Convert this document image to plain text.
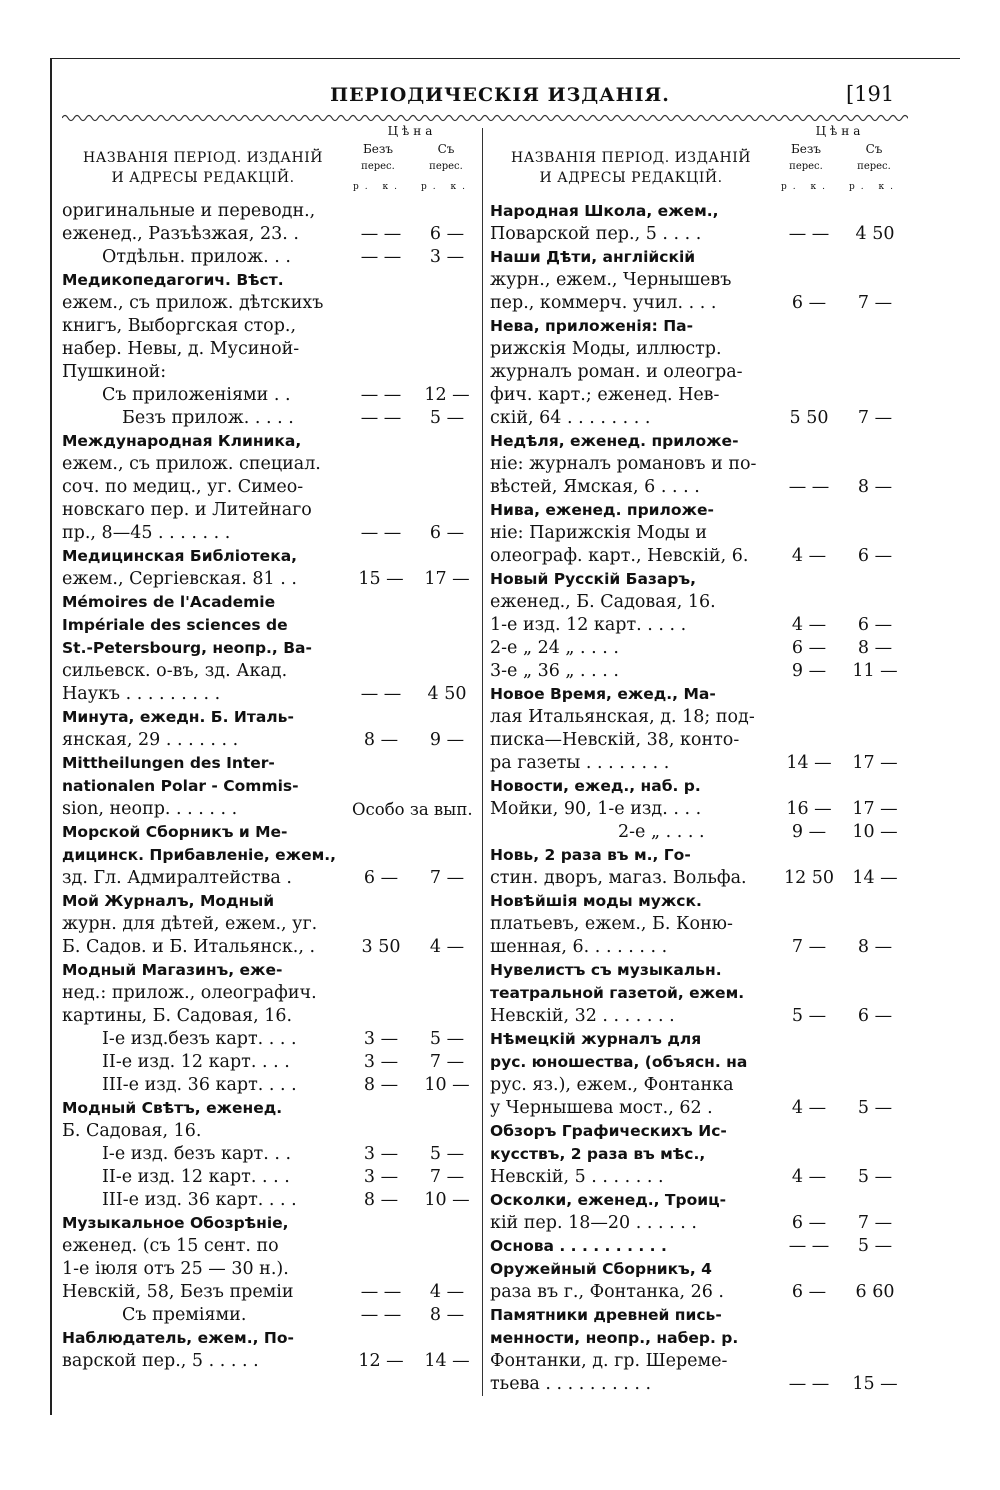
ПЕРІОДИЧЕСКІЯ ИЗДАНІЯ.	[191
НАЗВАНІЯ ПЕРІОД. ИЗДАНІЙ
И АДРЕСЫ РЕДАКЦІЙ.
Цѣна
Безъ	Съ
перес.	перес.
р. к.	р. к.
оригинальные и переводн.,
еженед., Разъѣзжая, 23. .	— —	6 —
Отдѣльн. прилож. . .	— —	3 —
Медикопедагогич. Вѣст.
ежем., съ прилож. дѣтскихъ
книгъ, Выборгская стор.,
набер. Невы, д. Мусиной-
Пушкиной:
Съ приложеніями . .	— —	12 —
Безъ прилож. . . . .	— —	5 —
Международная Клиника,
ежем., съ прилож. специал.
соч. по медиц., уг. Симео-
новскаго пер. и Литейнаго
пр., 8—45 . . . . . . .	— —	6 —
Медицинская Библіотека,
ежем., Сергіевская. 81 . .	15 —	17 —
Mémoires de l'Academie
Impériale des sciences de
St.-Petersbourg, неопр., Ва-
сильевск. о-въ, зд. Акад.
Наукъ . . . . . . . . .	— —	4 50
Минута, ежедн. Б. Италь-
янская, 29 . . . . . . .	8 —	9 —
Mittheilungen des Inter-
nationalen Polar - Commis-
sion, неопр. . . . . . .	Особо за вып.
Морской Сборникъ и Ме-
дицинск. Прибавленіе, ежем.,
зд. Гл. Адмиралтейства .	6 —	7 —
Мой Журналъ, Модный
журн. для дѣтей, ежем., уг.
Б. Садов. и Б. Итальянск., .	3 50	4 —
Модный Магазинъ, еже-
нед.: прилож., олеографич.
картины, Б. Садовая, 16.
I-е изд.безъ карт. . . .	3 —	5 —
II-е изд. 12 карт. . . .	3 —	7 —
III-е изд. 36 карт. . . .	8 —	10 —
Модный Свѣтъ, еженед.
Б. Садовая, 16.
I-е изд. безъ карт. . .	3 —	5 —
II-е изд. 12 карт. . . .	3 —	7 —
III-е изд. 36 карт. . . .	8 —	10 —
Музыкальное Обозрѣніе,
еженед. (съ 15 сент. по
1-е іюля отъ 25 — 30 н.).
Невскій, 58, Безъ преміи	— —	4 —
Съ преміями.	— —	8 —
Наблюдатель, ежем., По-
варской пер., 5 . . . . .	12 —	14 —
НАЗВАНІЯ ПЕРІОД. ИЗДАНІЙ
И АДРЕСЫ РЕДАКЦІЙ.
Цѣна
Безъ	Съ
перес.	перес.
р. к.	р. к.
Народная Школа, ежем.,
Поварской пер., 5 . . . .	— —	4 50
Наши Дѣти, англійскій
журн., ежем., Чернышевъ
пер., коммерч. учил. . . .	6 —	7 —
Нева, приложенія: Па-
рижскія Моды, иллюстр.
журналъ роман. и олеогра-
фич. карт.; еженед. Нев-
скій, 64 . . . . . . . .	5 50	7 —
Недѣля, еженед. приложе-
ніе: журналъ романовъ и по-
вѣстей, Ямская, 6 . . . .	— —	8 —
Нива, еженед. приложе-
ніе: Парижскія Моды и
олеограф. карт., Невскій, 6.	4 —	6 —
Новый Русскій Базаръ,
еженед., Б. Садовая, 16.
1-е изд. 12 карт. . . . .	4 —	6 —
2-е „ 24 „ . . . .	6 —	8 —
3-е „ 36 „ . . . .	9 —	11 —
Новое Время, ежед., Ма-
лая Итальянская, д. 18; под-
писка—Невскій, 38, конто-
ра газеты . . . . . . . .	14 —	17 —
Новости, ежед., наб. р.
Мойки, 90, 1-е изд. . . .	16 —	17 —
2-е „ . . . .	9 —	10 —
Новь, 2 раза въ м., Го-
стин. дворъ, магаз. Вольфа.	12 50	14 —
Новѣйшія моды мужск.
платьевъ, ежем., Б. Коню-
шенная, 6. . . . . . . .	7 —	8 —
Нувелистъ съ музыкальн.
театральной газетой, ежем.
Невскій, 32 . . . . . . .	5 —	6 —
Нѣмецкій журналъ для
рус. юношества, (объясн. на
рус. яз.), ежем., Фонтанка
у Чернышева мост., 62 .	4 —	5 —
Обзоръ Графическихъ Ис-
кусствъ, 2 раза въ мѣс.,
Невскій, 5 . . . . . . .	4 —	5 —
Осколки, еженед., Троиц-
кій пер. 18—20 . . . . . .	6 —	7 —
Основа . . . . . . . . . .	— —	5 —
Оружейный Сборникъ, 4
раза въ г., Фонтанка, 26 .	6 —	6 60
Памятники древней пись-
менности, неопр., набер. р.
Фонтанки, д. гр. Шереме-
тьева . . . . . . . . . .	— —	15 —
